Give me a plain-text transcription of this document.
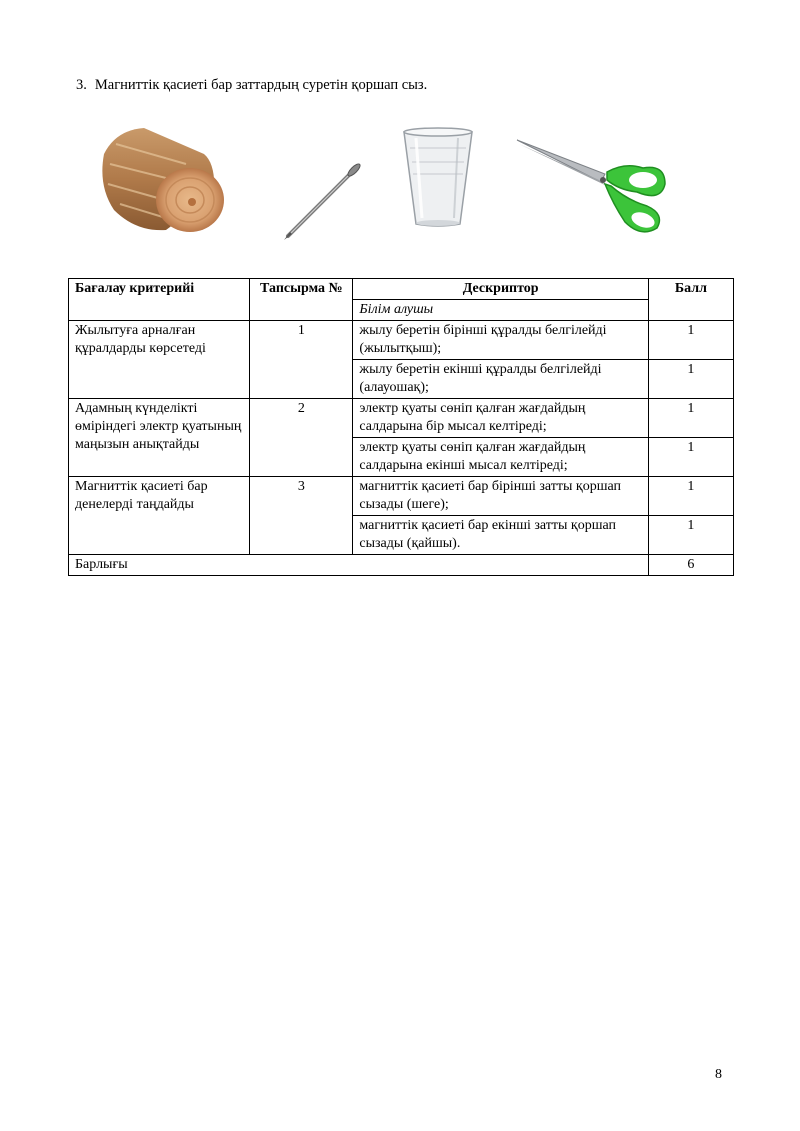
3. Магниттік қасиеті бар заттардың суретін қоршап сыз.
Бағалау критерийі	Тапсырма №	Дескриптор	Балл
		Білім алушы	
Жылытуға арналған құралдарды көрсетеді	1	жылу беретін бірінші құралды белгілейді (жылытқыш);	1
		жылу беретін екінші құралды белгілейді (алауошақ);	1
Адамның күнделікті өміріндегі электр қуатының маңызын анықтайды	2	электр қуаты сөніп қалған жағдайдың салдарына бір мысал келтіреді;	1
		электр қуаты сөніп қалған жағдайдың салдарына екінші мысал келтіреді;	1
Магниттік қасиеті бар денелерді таңдайды	3	магниттік қасиеті бар бірінші затты қоршап сызады (шеге);	1
		магниттік қасиеті бар екінші затты қоршап сызады (қайшы).	1
Барлығы			6
8
